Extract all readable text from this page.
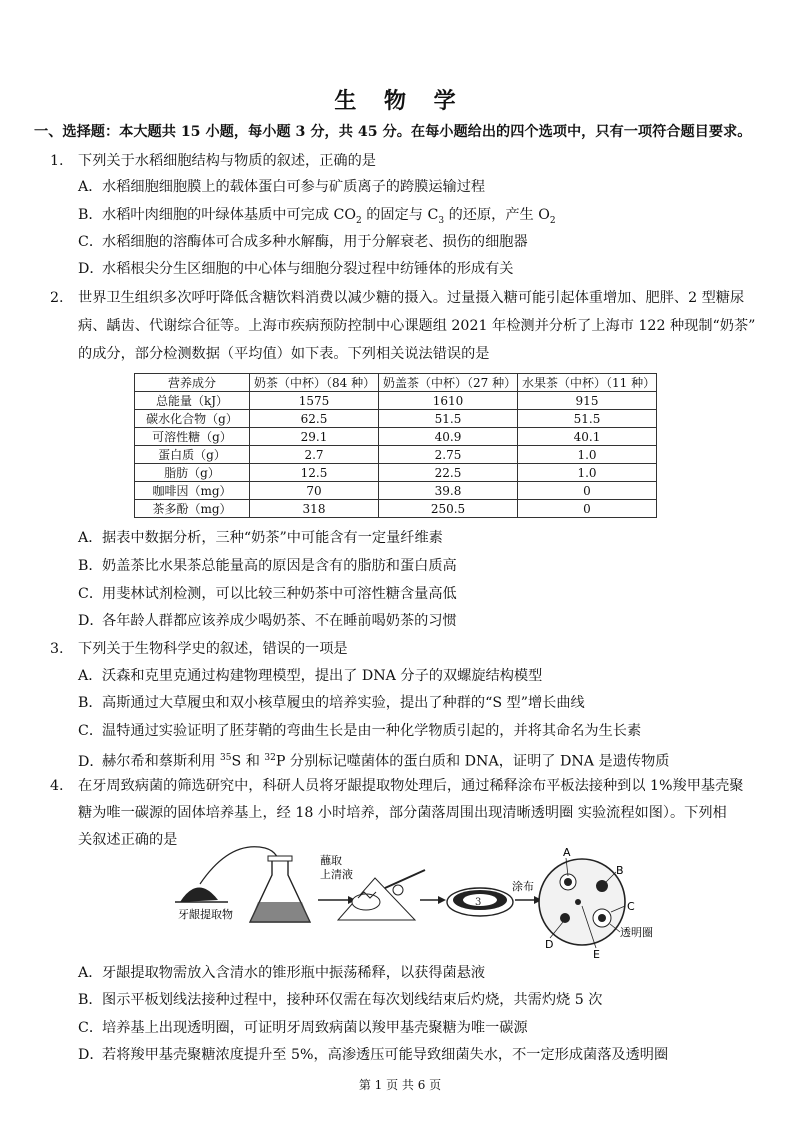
生 物 学
一、选择题：本大题共 15 小题，每小题 3 分，共 45 分。在每小题给出的四个选项中，只有一项符合题目要求。
1. 下列关于水稻细胞结构与物质的叙述，正确的是
A．水稻细胞细胞膜上的载体蛋白可参与矿质离子的跨膜运输过程
B．水稻叶肉细胞的叶绿体基质中可完成 $CO_2$ 的固定与 $C_3$ 的还原，产生 $O_2$
C．水稻细胞的溶酶体可合成多种水解酶，用于分解衰老、损伤的细胞器
D．水稻根尖分生区细胞的中心体与细胞分裂过程中纺锤体的形成有关
2. 世界卫生组织多次呼吁降低含糖饮料消费以减少糖的摄入。过量摄入糖可能引起体重增加、肥胖、2 型糖尿
病、龋齿、代谢综合征等。上海市疾病预防控制中心课题组 2021 年检测并分析了上海市 122 种现制“奶茶”
的成分，部分检测数据（平均值）如下表。下列相关说法错误的是
营养成分	奶茶（中杯）（84 种）	奶盖茶（中杯）（27 种）	水果茶（中杯）（11 种）
总能量（kJ）	1575	1610	915
碳水化合物（g）	62.5	51.5	51.5
可溶性糖（g）	29.1	40.9	40.1
蛋白质（g）	2.7	2.75	1.0
脂肪（g）	12.5	22.5	1.0
咖啡因（mg）	70	39.8	0
茶多酚（mg）	318	250.5	0
A．据表中数据分析，三种“奶茶”中可能含有一定量纤维素
B．奶盖茶比水果茶总能量高的原因是含有的脂肪和蛋白质高
C．用斐林试剂检测，可以比较三种奶茶中可溶性糖含量高低
D．各年龄人群都应该养成少喝奶茶、不在睡前喝奶茶的习惯
3. 下列关于生物科学史的叙述，错误的一项是
A．沃森和克里克通过构建物理模型，提出了 DNA 分子的双螺旋结构模型
B．高斯通过大草履虫和双小核草履虫的培养实验，提出了种群的“S 型”增长曲线
C．温特通过实验证明了胚芽鞘的弯曲生长是由一种化学物质引起的，并将其命名为生长素
D．赫尔希和蔡斯利用 $^{35}$S 和 $^{32}$P 分别标记噬菌体的蛋白质和 DNA，证明了 DNA 是遗传物质
4. 在牙周致病菌的筛选研究中，科研人员将牙龈提取物处理后，通过稀释涂布平板法接种到以 1%羧甲基壳聚
糖为唯一碳源的固体培养基上，经 18 小时培养，部分菌落周围出现清晰透明圈 实验流程如图）。下列相
关叙述正确的是
牙龈提取物
蘸取
上清液
3
涂布
A
B
C
D
E
透明圈
A．牙龈提取物需放入含清水的锥形瓶中振荡稀释，以获得菌悬液
B．图示平板划线法接种过程中，接种环仅需在每次划线结束后灼烧，共需灼烧 5 次
C．培养基上出现透明圈，可证明牙周致病菌以羧甲基壳聚糖为唯一碳源
D．若将羧甲基壳聚糖浓度提升至 5%，高渗透压可能导致细菌失水，不一定形成菌落及透明圈
第 1 页 共 6 页
